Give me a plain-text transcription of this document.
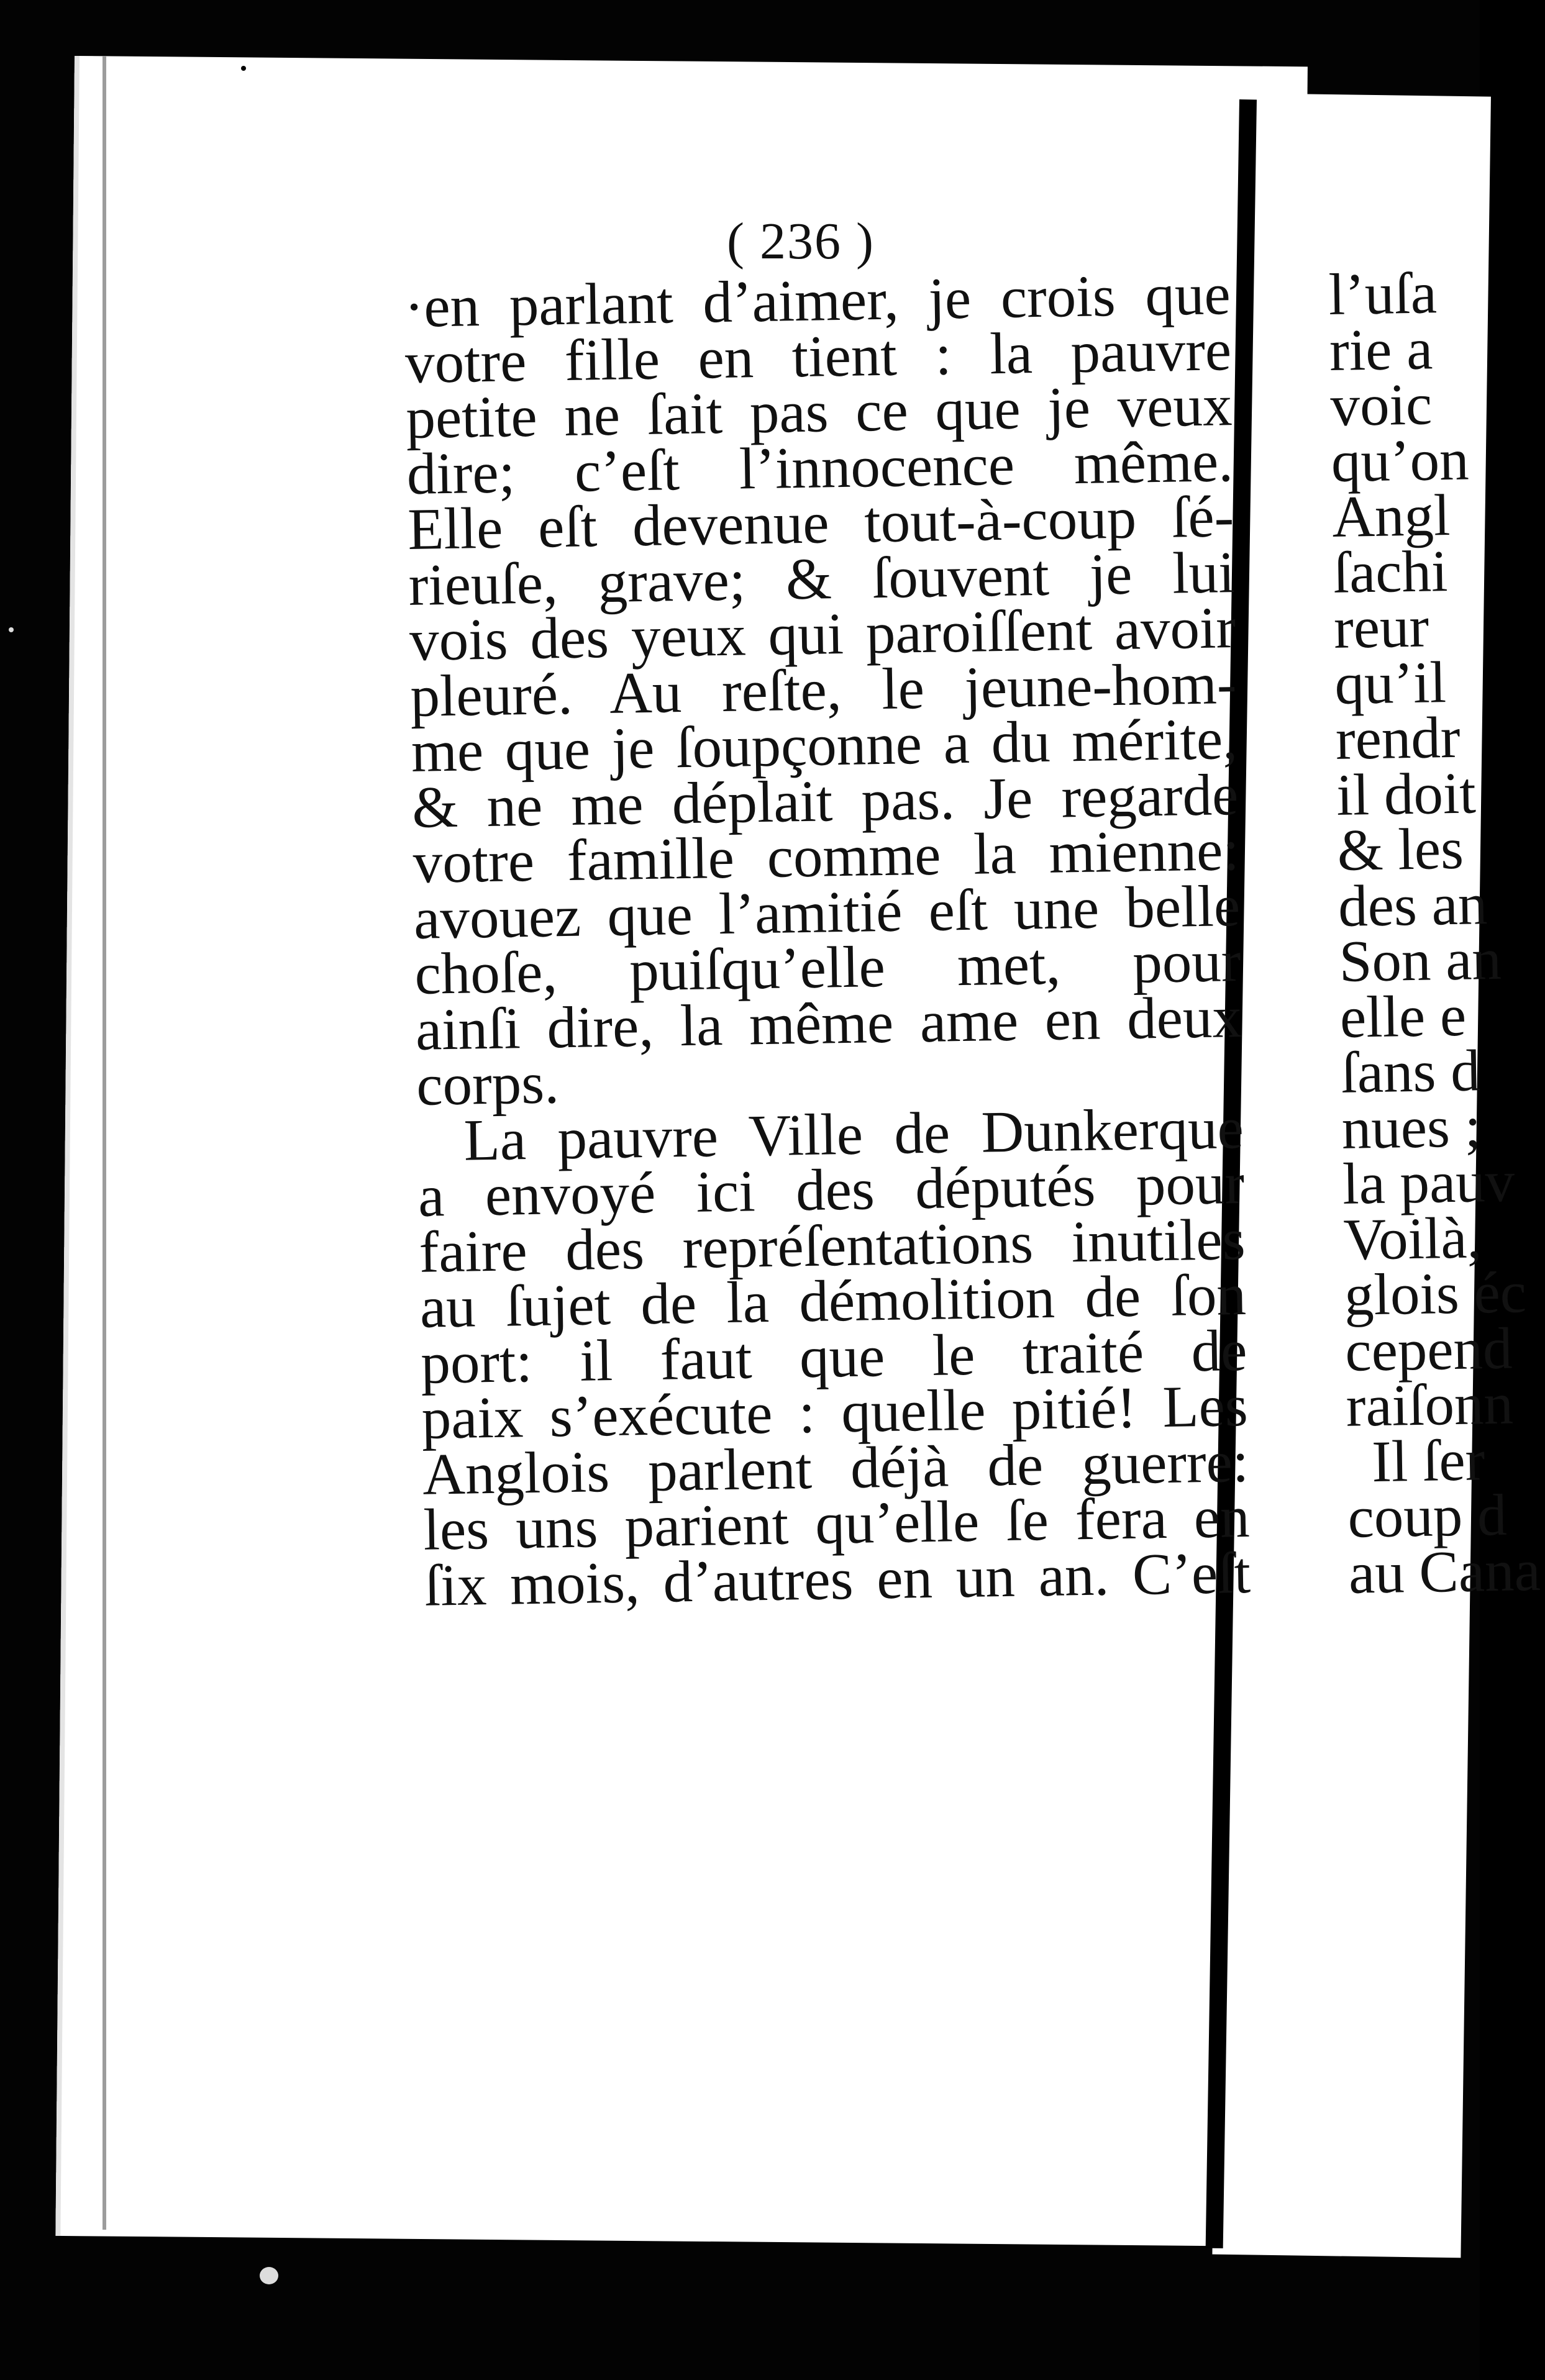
( 236 )
·en parlant d’aimer, je crois que
votre fille en tient : la pauvre
petite ne ſait pas ce que je veux
dire; c’eſt l’innocence même.
Elle eſt devenue tout-à-coup ſé-
rieuſe, grave; & ſouvent je lui
vois des yeux qui paroiſſent avoir
pleuré. Au reſte, le jeune-hom-
me que je ſoupçonne a du mérite,
& ne me déplait pas. Je regarde
votre famille comme la mienne:
avouez que l’amitié eſt une belle
choſe, puiſqu’elle met, pour
ainſi dire, la même ame en deux
corps.
La pauvre Ville de Dunkerque
a envoyé ici des députés pour
faire des repréſentations inutiles
au ſujet de la démolition de ſon
port: il faut que le traité de
paix s’exécute : quelle pitié! Les
Anglois parlent déjà de guerre:
les uns parient qu’elle ſe fera en
ſix mois, d’autres en un an. C’eſt
l’uſa
rie a
voic
qu’on
Angl
ſachi
reur
qu’il
rendr
il doit
& les
des an
Son an
elle e
ſans d
nues ;
la pauv
Voilà,
glois éc
cepend
raiſonn
Il ſer
coup d
au Cana
